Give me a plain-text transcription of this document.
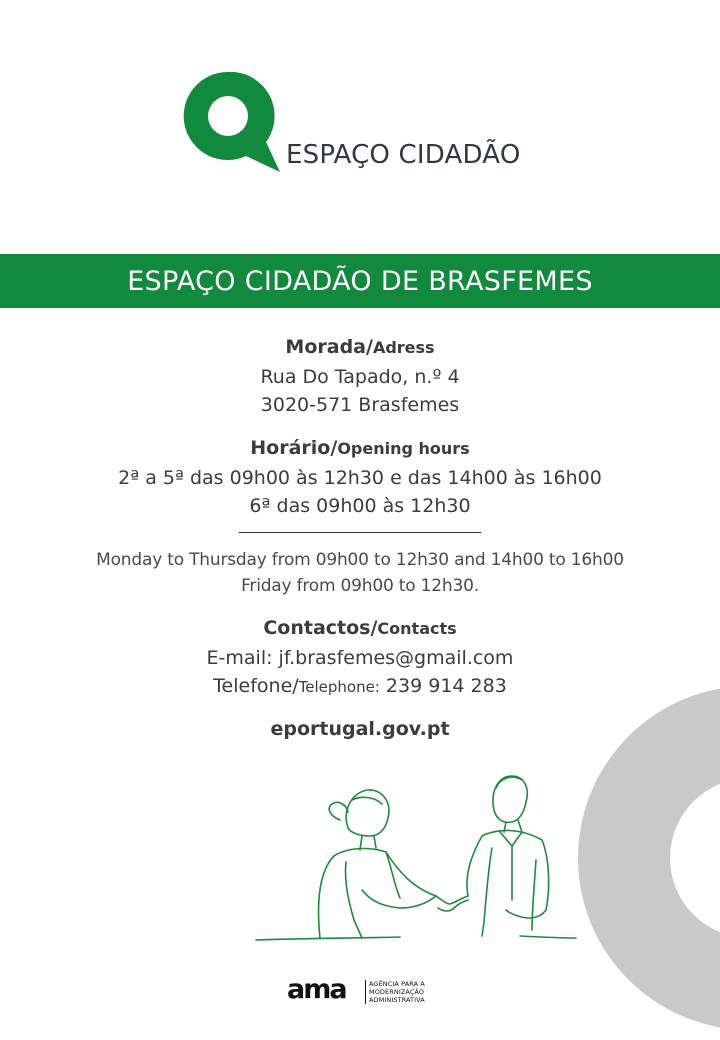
ESPAÇO CIDADÃO
ESPAÇO CIDADÃO DE BRASFEMES
Morada/Adress
Rua Do Tapado, n.º 4
3020-571 Brasfemes
Horário/Opening hours
2ª a 5ª das 09h00 às 12h30 e das 14h00 às 16h00
6ª das 09h00 às 12h30
Monday to Thursday from 09h00 to 12h30 and 14h00 to 16h00
Friday from 09h00 to 12h30.
Contactos/Contacts
E-mail: jf.brasfemes@gmail.com
Telefone/Telephone: 239 914 283
eportugal.gov.pt
ama	AGÊNCIA PARA A
MODERNIZAÇÃO
ADMINISTRATIVA
